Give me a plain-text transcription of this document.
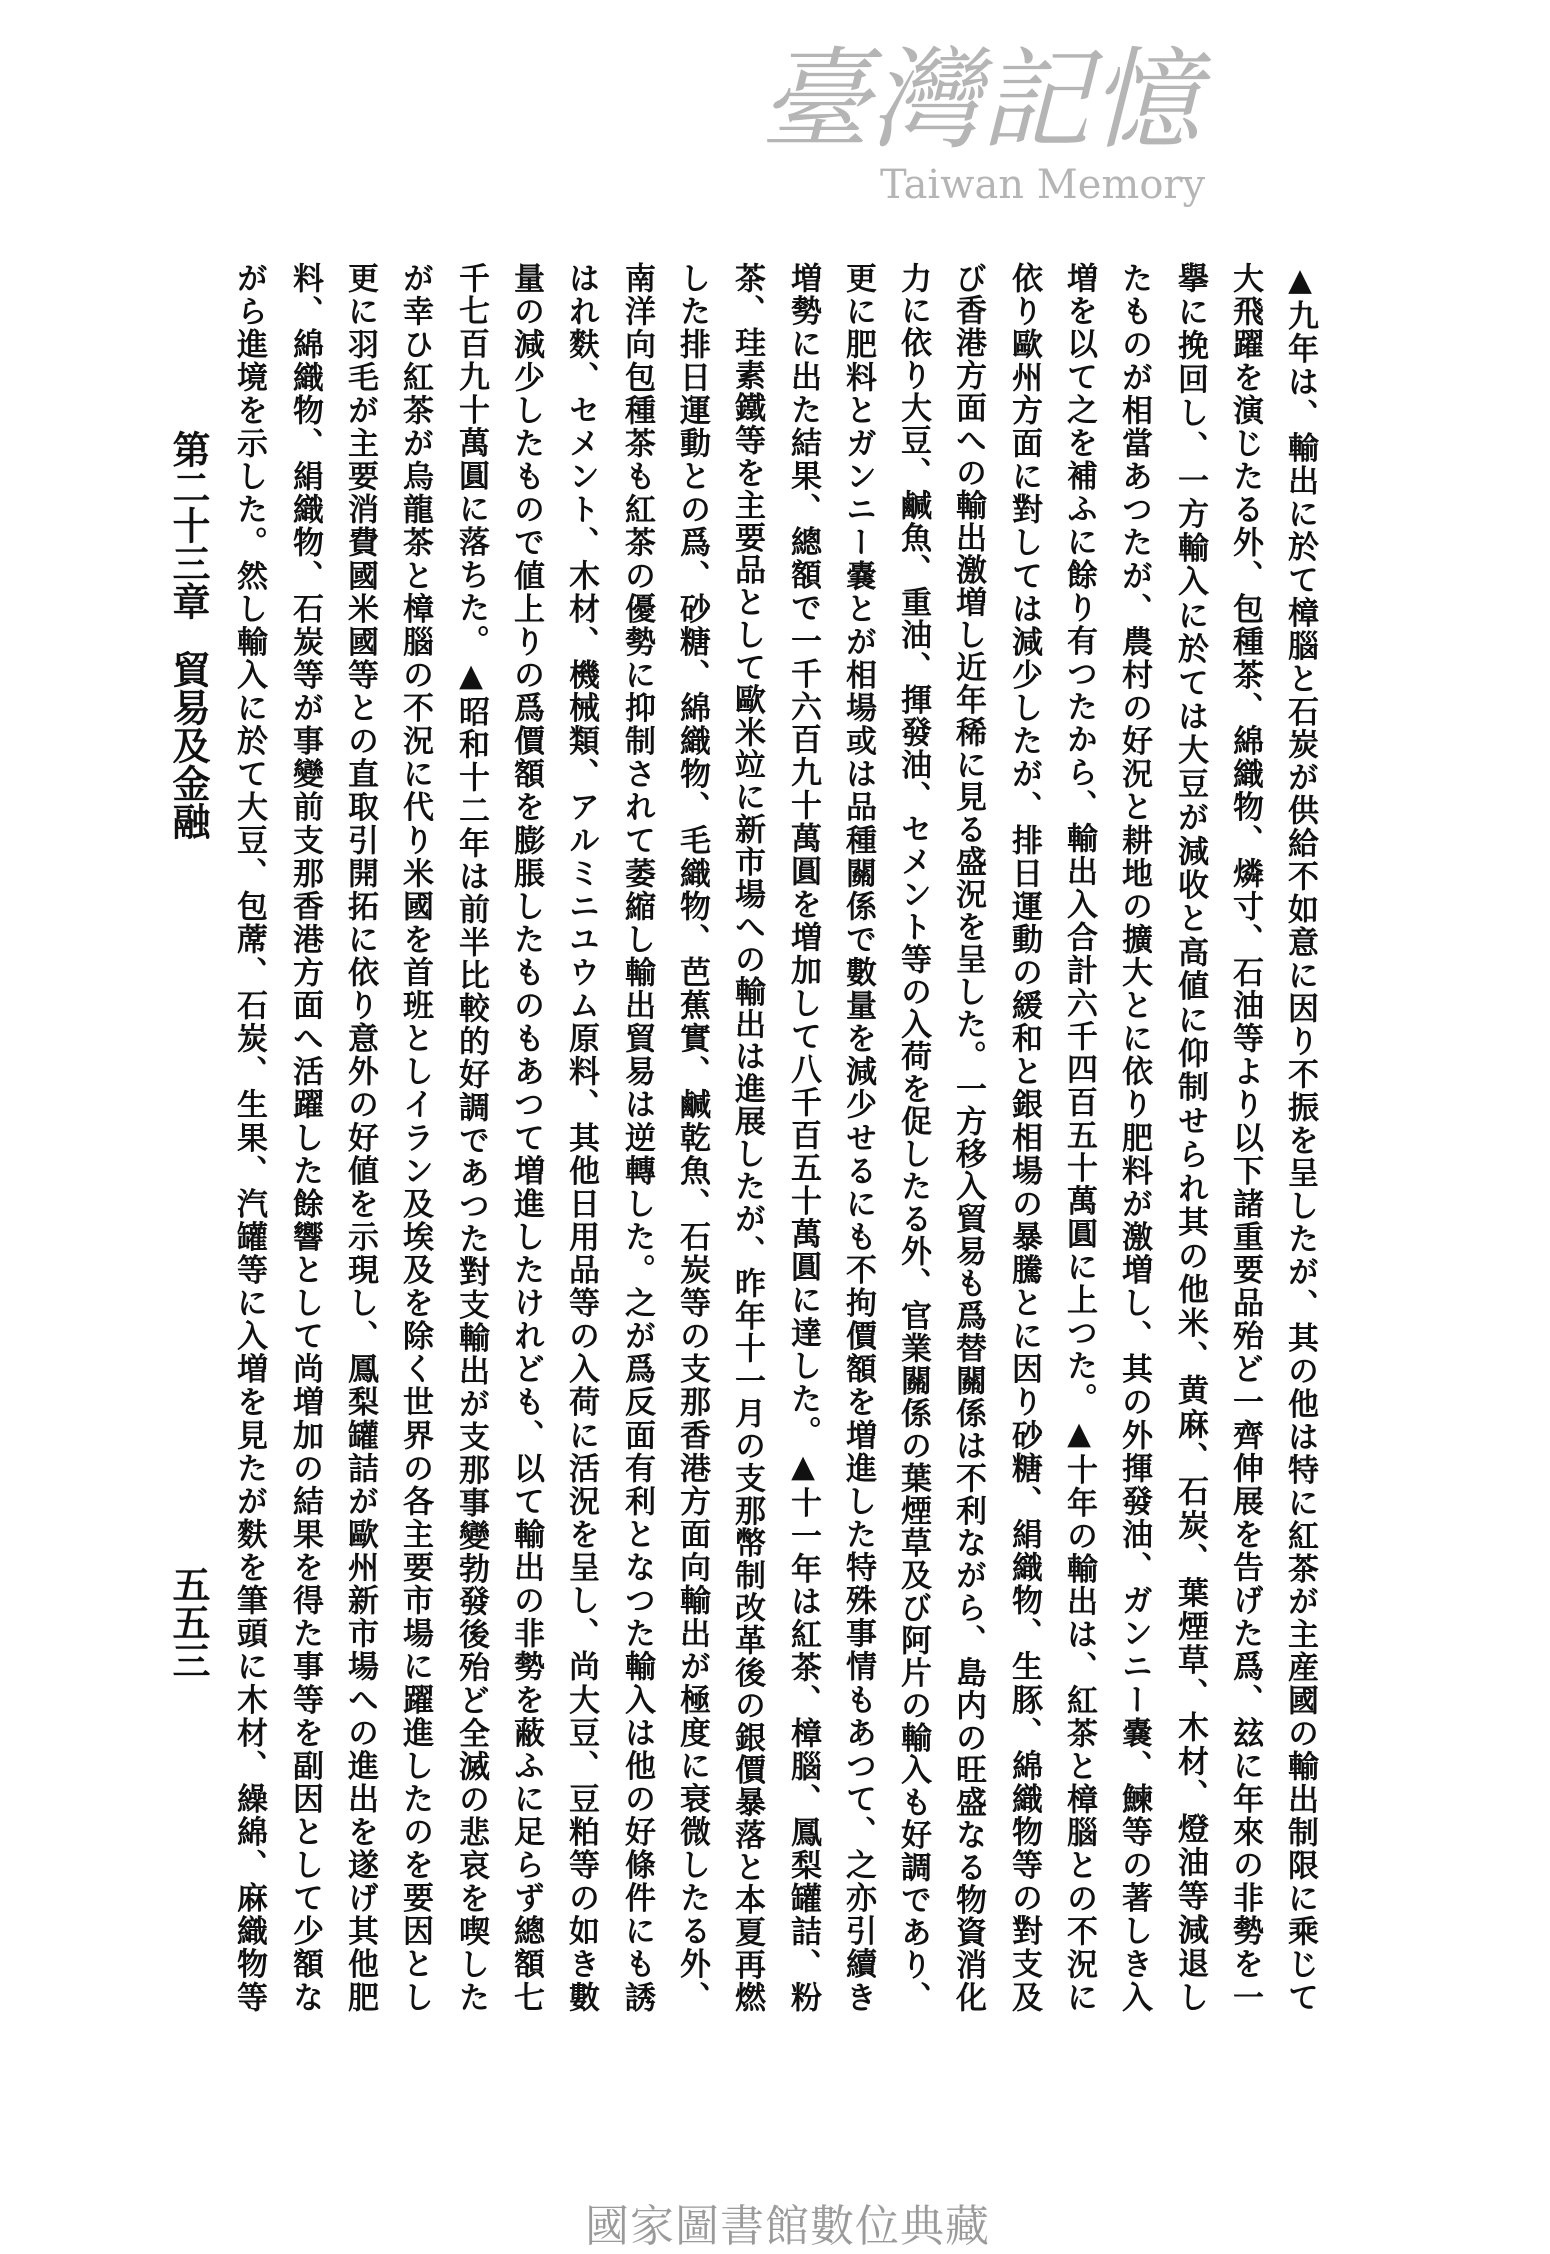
▲九年は、輸出に於て樟腦と石炭が供給不如意に因り不振を呈したが、其の他は特に紅茶が主産國の輸出制限に乘じて
大飛躍を演じたる外、包種茶、綿織物、燐寸、石油等より以下諸重要品殆ど一齊伸展を告げた爲、玆に年來の非勢を一
擧に挽回し、一方輸入に於ては大豆が減收と高値に仰制せられ其の他米、黄麻、石炭、葉煙草、木材、燈油等減退し
たものが相當あつたが、農村の好況と耕地の擴大とに依り肥料が激増し、其の外揮發油、ガンニー嚢、鰊等の著しき入
増を以て之を補ふに餘り有つたから、輸出入合計六千四百五十萬圓に上つた。▲十年の輸出は、紅茶と樟腦との不況に
依り歐州方面に對しては減少したが、排日運動の緩和と銀相場の暴騰とに因り砂糖、絹織物、生豚、綿織物等の對支及
び香港方面への輸出激増し近年稀に見る盛況を呈した。一方移入貿易も爲替關係は不利ながら、島内の旺盛なる物資消化
力に依り大豆、鹹魚、重油、揮發油、セメント等の入荷を促したる外、官業關係の葉煙草及び阿片の輸入も好調であり、
更に肥料とガンニー嚢とが相場或は品種關係で數量を減少せるにも不拘價額を増進した特殊事情もあつて、之亦引續き
増勢に出た結果、總額で一千六百九十萬圓を増加して八千百五十萬圓に達した。▲十一年は紅茶、樟腦、鳳梨罐詰、粉
茶、珪素鐵等を主要品として歐米竝に新市場への輸出は進展したが、昨年十一月の支那幣制改革後の銀價暴落と本夏再燃
した排日運動との爲、砂糖、綿織物、毛織物、芭蕉實、鹹乾魚、石炭等の支那香港方面向輸出が極度に衰微したる外、
南洋向包種茶も紅茶の優勢に抑制されて萎縮し輸出貿易は逆轉した。之が爲反面有利となつた輸入は他の好條件にも誘
はれ麩、セメント、木材、機械類、アルミニユウム原料、其他日用品等の入荷に活況を呈し、尚大豆、豆粕等の如き數
量の減少したもので値上りの爲價額を膨脹したものもあつて増進したけれども、以て輸出の非勢を蔽ふに足らず總額七
千七百九十萬圓に落ちた。▲昭和十二年は前半比較的好調であつた對支輸出が支那事變勃發後殆ど全滅の悲哀を喫した
が幸ひ紅茶が烏龍茶と樟腦の不況に代り米國を首班としイラン及埃及を除く世界の各主要市場に躍進したのを要因とし
更に羽毛が主要消費國米國等との直取引開拓に依り意外の好値を示現し、鳳梨罐詰が歐州新市場への進出を遂げ其他肥
料、綿織物、絹織物、石炭等が事變前支那香港方面へ活躍した餘響として尚増加の結果を得た事等を副因として少額な
がら進境を示した。然し輸入に於て大豆、包蓆、石炭、生果、汽罐等に入増を見たが麩を筆頭に木材、繰綿、麻織物等
第二十三章
貿易及金融
五五三
臺灣記憶
Taiwan Memory
國家圖書館數位典藏
